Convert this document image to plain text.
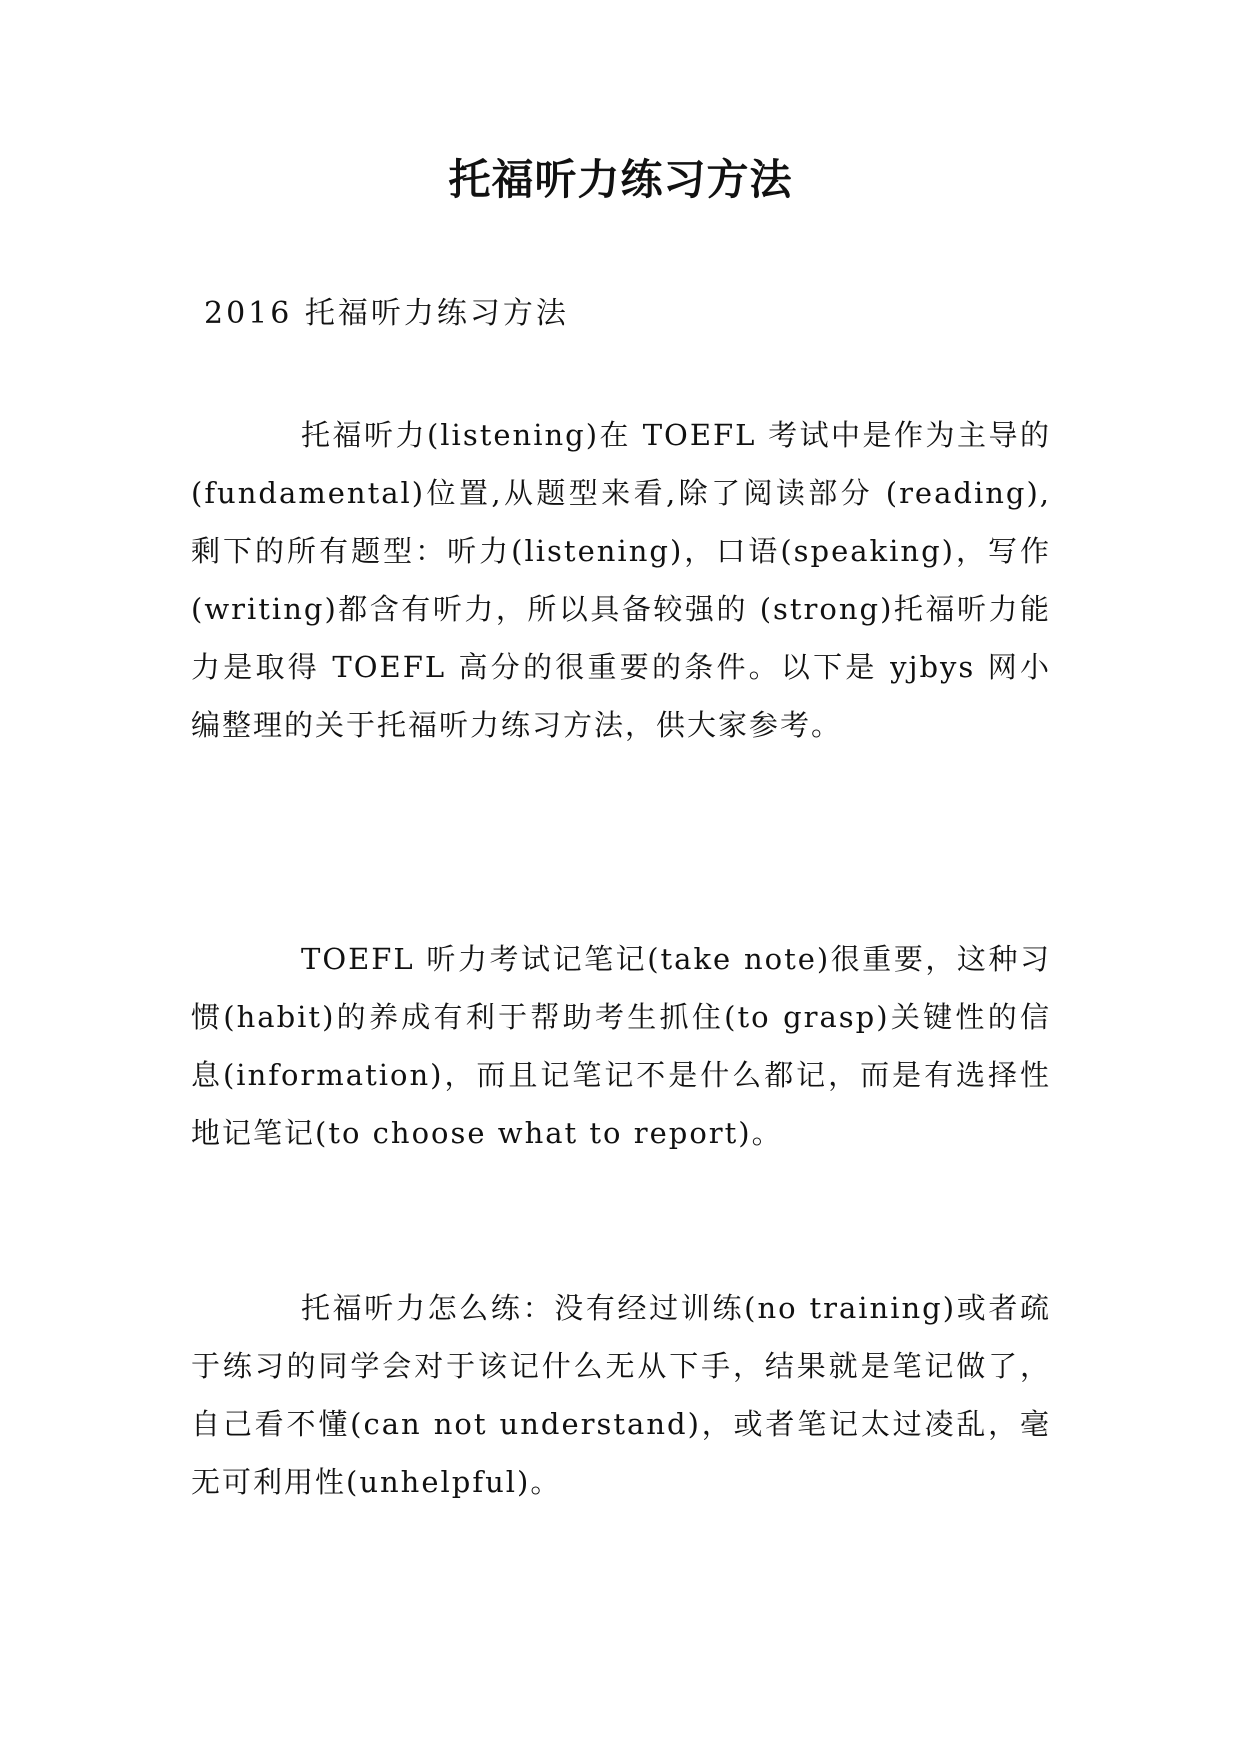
托福听力练习方法
2016 托福听力练习方法

托福听力(listening)在 TOEFL 考试中是作为主导的(fundamental)位置,从题型来看,除了阅读部分 (reading),剩下的所有题型：听力(listening)，口语(speaking)，写作(writing)都含有听力，所以具备较强的 (strong)托福听力能力是取得 TOEFL 高分的很重要的条件。以下是 yjbys 网小编整理的关于托福听力练习方法，供大家参考。

TOEFL 听力考试记笔记(take note)很重要，这种习惯(habit)的养成有利于帮助考生抓住(to grasp)关键性的信息(information)，而且记笔记不是什么都记，而是有选择性地记笔记(to choose what to report)。

托福听力怎么练：没有经过训练(no training)或者疏于练习的同学会对于该记什么无从下手，结果就是笔记做了，自己看不懂(can not understand)，或者笔记太过凌乱，毫无可利用性(unhelpful)。
